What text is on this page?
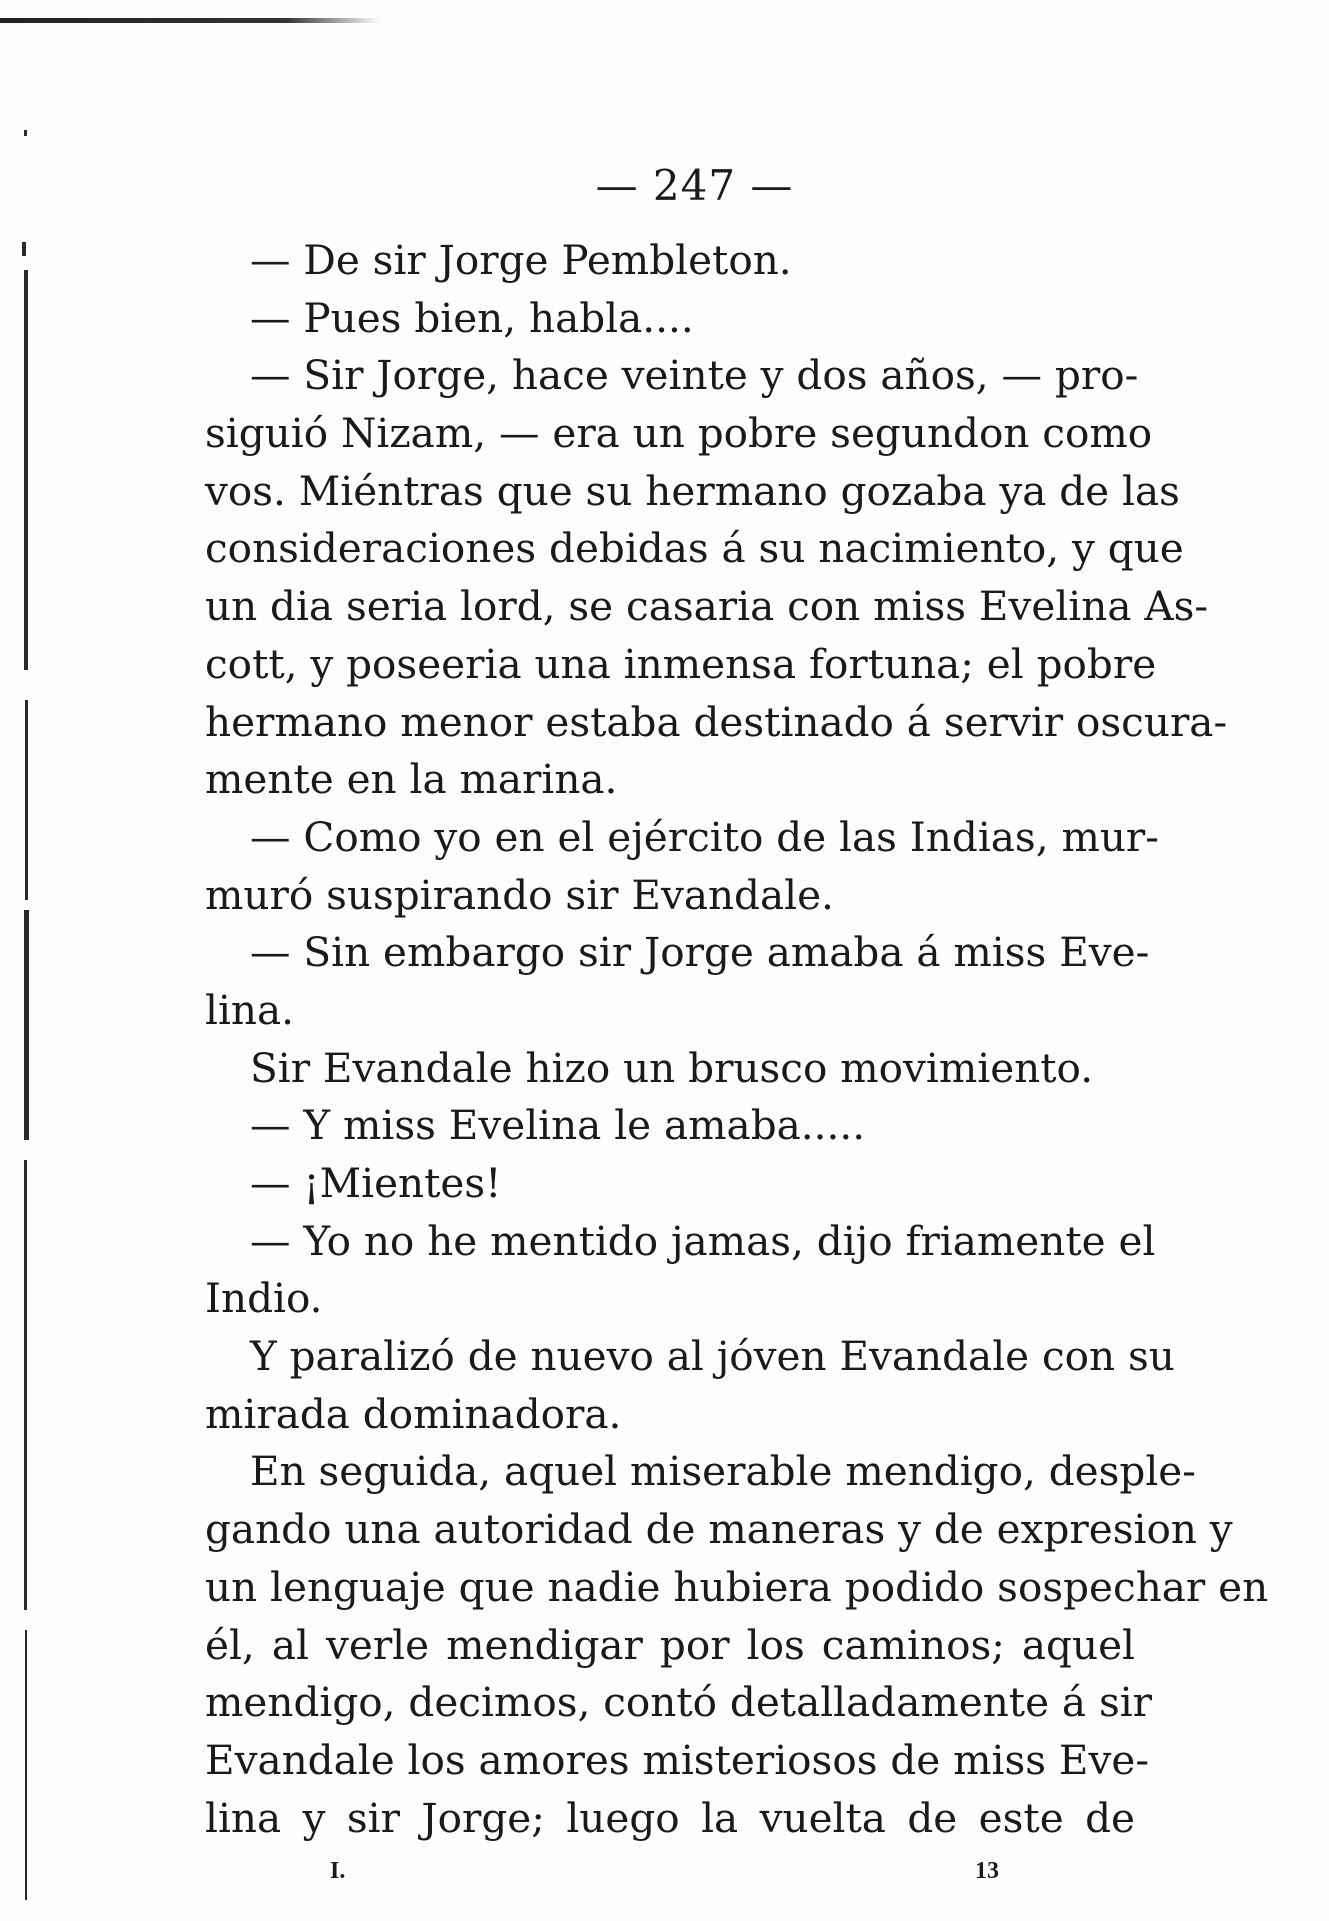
— 247 —
— De sir Jorge Pembleton.
— Pues bien, habla....
— Sir Jorge, hace veinte y dos años, — pro-
siguió Nizam, — era un pobre segundon como
vos. Miéntras que su hermano gozaba ya de las
consideraciones debidas á su nacimiento, y que
un dia seria lord, se casaria con miss Evelina As-
cott, y poseeria una inmensa fortuna; el pobre
hermano menor estaba destinado á servir oscura-
mente en la marina.
— Como yo en el ejército de las Indias, mur-
muró suspirando sir Evandale.
— Sin embargo sir Jorge amaba á miss Eve-
lina.
Sir Evandale hizo un brusco movimiento.
— Y miss Evelina le amaba.....
— ¡Mientes!
— Yo no he mentido jamas, dijo friamente el
Indio.
Y paralizó de nuevo al jóven Evandale con su
mirada dominadora.
En seguida, aquel miserable mendigo, desple-
gando una autoridad de maneras y de expresion y
un lenguaje que nadie hubiera podido sospechar en
él, al verle mendigar por los caminos; aquel
mendigo, decimos, contó detalladamente á sir
Evandale los amores misteriosos de miss Eve-
lina y sir Jorge; luego la vuelta de este de
I.	13
